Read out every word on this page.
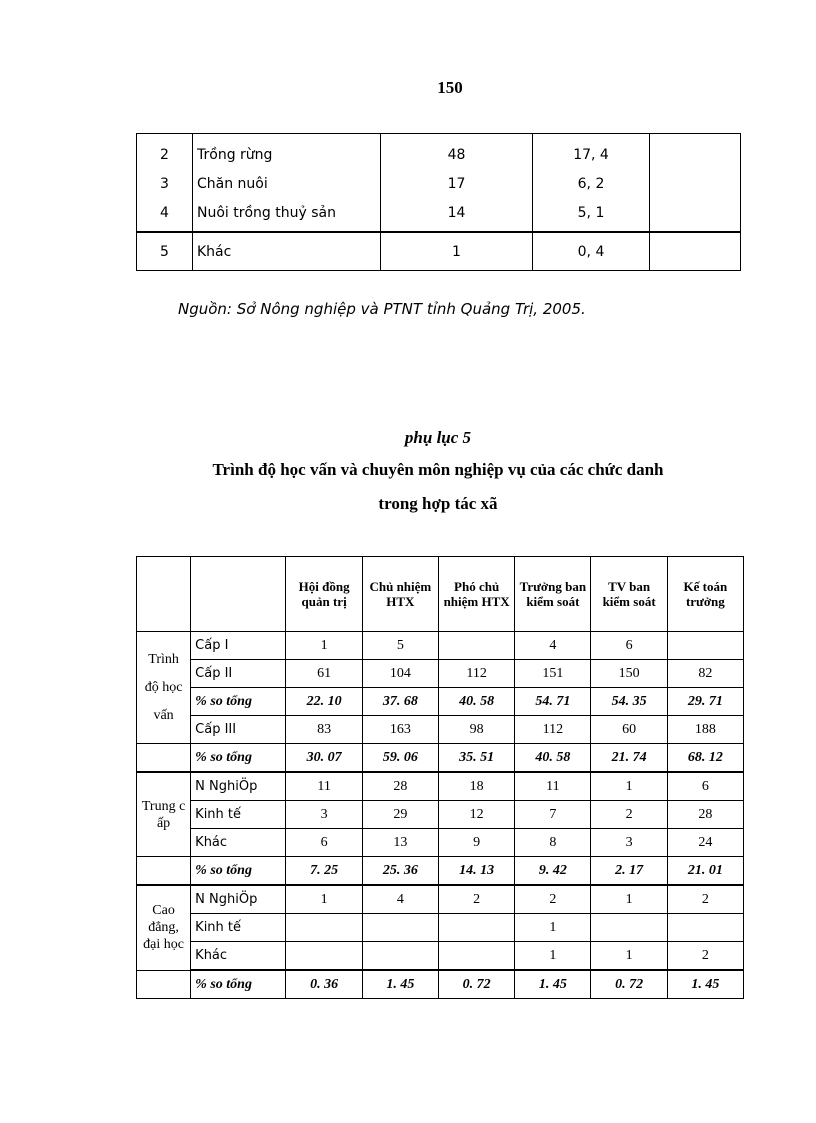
150
2	Trồng rừng	48	17, 4	
3	Chăn nuôi	17	6, 2	
4	Nuôi trồng thuỷ sản	14	5, 1	
5	Khác	1	0, 4	
Nguồn: Sở Nông nghiệp và PTNT tỉnh Quảng Trị, 2005.
phụ lục 5
Trình độ học vấn và chuyên môn nghiệp vụ của các chức danh
trong hợp tác xã
		Hội đồng quản trị	Chủ nhiệm HTX	Phó chủ nhiệm HTX	Trưởng ban kiểm soát	TV ban kiểm soát	Kế toán trưởng
Trình độ học vấn	Cấp I	1	5		4	6	
	Cấp II	61	104	112	151	150	82
	% so tổng	22. 10	37. 68	40. 58	54. 71	54. 35	29. 71
	Cấp III	83	163	98	112	60	188
	% so tổng	30. 07	59. 06	35. 51	40. 58	21. 74	68. 12
Trung cấp	N NghiÖp	11	28	18	11	1	6
	Kinh tế	3	29	12	7	2	28
	Khác	6	13	9	8	3	24
	% so tổng	7. 25	25. 36	14. 13	9. 42	2. 17	21. 01
Cao đẳng, đại học	N NghiÖp	1	4	2	2	1	2
	Kinh tế				1		
	Khác				1	1	2
	% so tổng	0. 36	1. 45	0. 72	1. 45	0. 72	1. 45
